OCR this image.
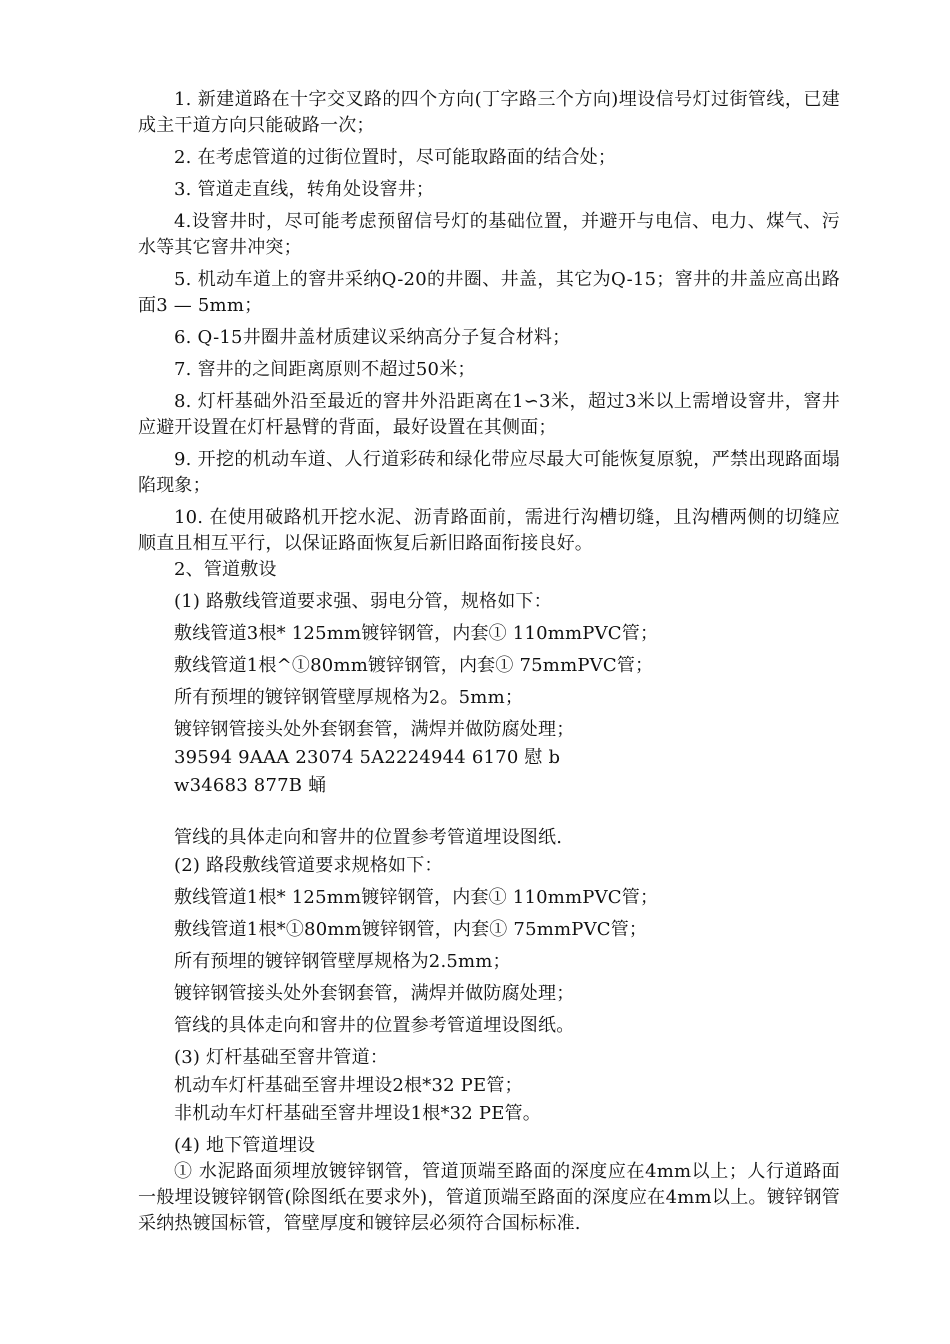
1. 新建道路在十字交叉路的四个方向(丁字路三个方向)埋设信号灯过街管线，已建成主干道方向只能破路一次；

2. 在考虑管道的过街位置时，尽可能取路面的结合处；

3. 管道走直线，转角处设窨井；

4.设窨井时，尽可能考虑预留信号灯的基础位置，并避开与电信、电力、煤气、污水等其它窨井冲突；

5. 机动车道上的窨井采纳Q-20的井圈、井盖，其它为Q-15；窨井的井盖应高出路面3 — 5mm；

6. Q-15井圈井盖材质建议采纳高分子复合材料；

7. 窨井的之间距离原则不超过50米；

8. 灯杆基础外沿至最近的窨井外沿距离在1∽3米，超过3米以上需增设窨井，窨井应避开设置在灯杆悬臂的背面，最好设置在其侧面；

9. 开挖的机动车道、人行道彩砖和绿化带应尽最大可能恢复原貌，严禁出现路面塌陷现象；

10. 在使用破路机开挖水泥、沥青路面前，需进行沟槽切缝，且沟槽两侧的切缝应顺直且相互平行，以保证路面恢复后新旧路面衔接良好。

2、管道敷设

(1) 路敷线管道要求强、弱电分管，规格如下：

敷线管道3根* 125mm镀锌钢管，内套① 110mmPVC管；

敷线管道1根^①80mm镀锌钢管，内套① 75mmPVC管；

所有预埋的镀锌钢管壁厚规格为2。5mm；

镀锌钢管接头处外套钢套管，满焊并做防腐处理；

39594 9AAA 23074 5A2224944 6170 慰 b

w34683 877B 蛹

管线的具体走向和窨井的位置参考管道埋设图纸.

(2) 路段敷线管道要求规格如下：

敷线管道1根* 125mm镀锌钢管，内套① 110mmPVC管；

敷线管道1根*①80mm镀锌钢管，内套① 75mmPVC管；

所有预埋的镀锌钢管壁厚规格为2.5mm；

镀锌钢管接头处外套钢套管，满焊并做防腐处理；

管线的具体走向和窨井的位置参考管道埋设图纸。

(3) 灯杆基础至窨井管道：

机动车灯杆基础至窨井埋设2根*32 PE管；

非机动车灯杆基础至窨井埋设1根*32 PE管。

(4) 地下管道埋设

① 水泥路面须埋放镀锌钢管，管道顶端至路面的深度应在4mm以上；人行道路面一般埋设镀锌钢管(除图纸在要求外)，管道顶端至路面的深度应在4mm以上。镀锌钢管采纳热镀国标管，管壁厚度和镀锌层必须符合国标标准.
